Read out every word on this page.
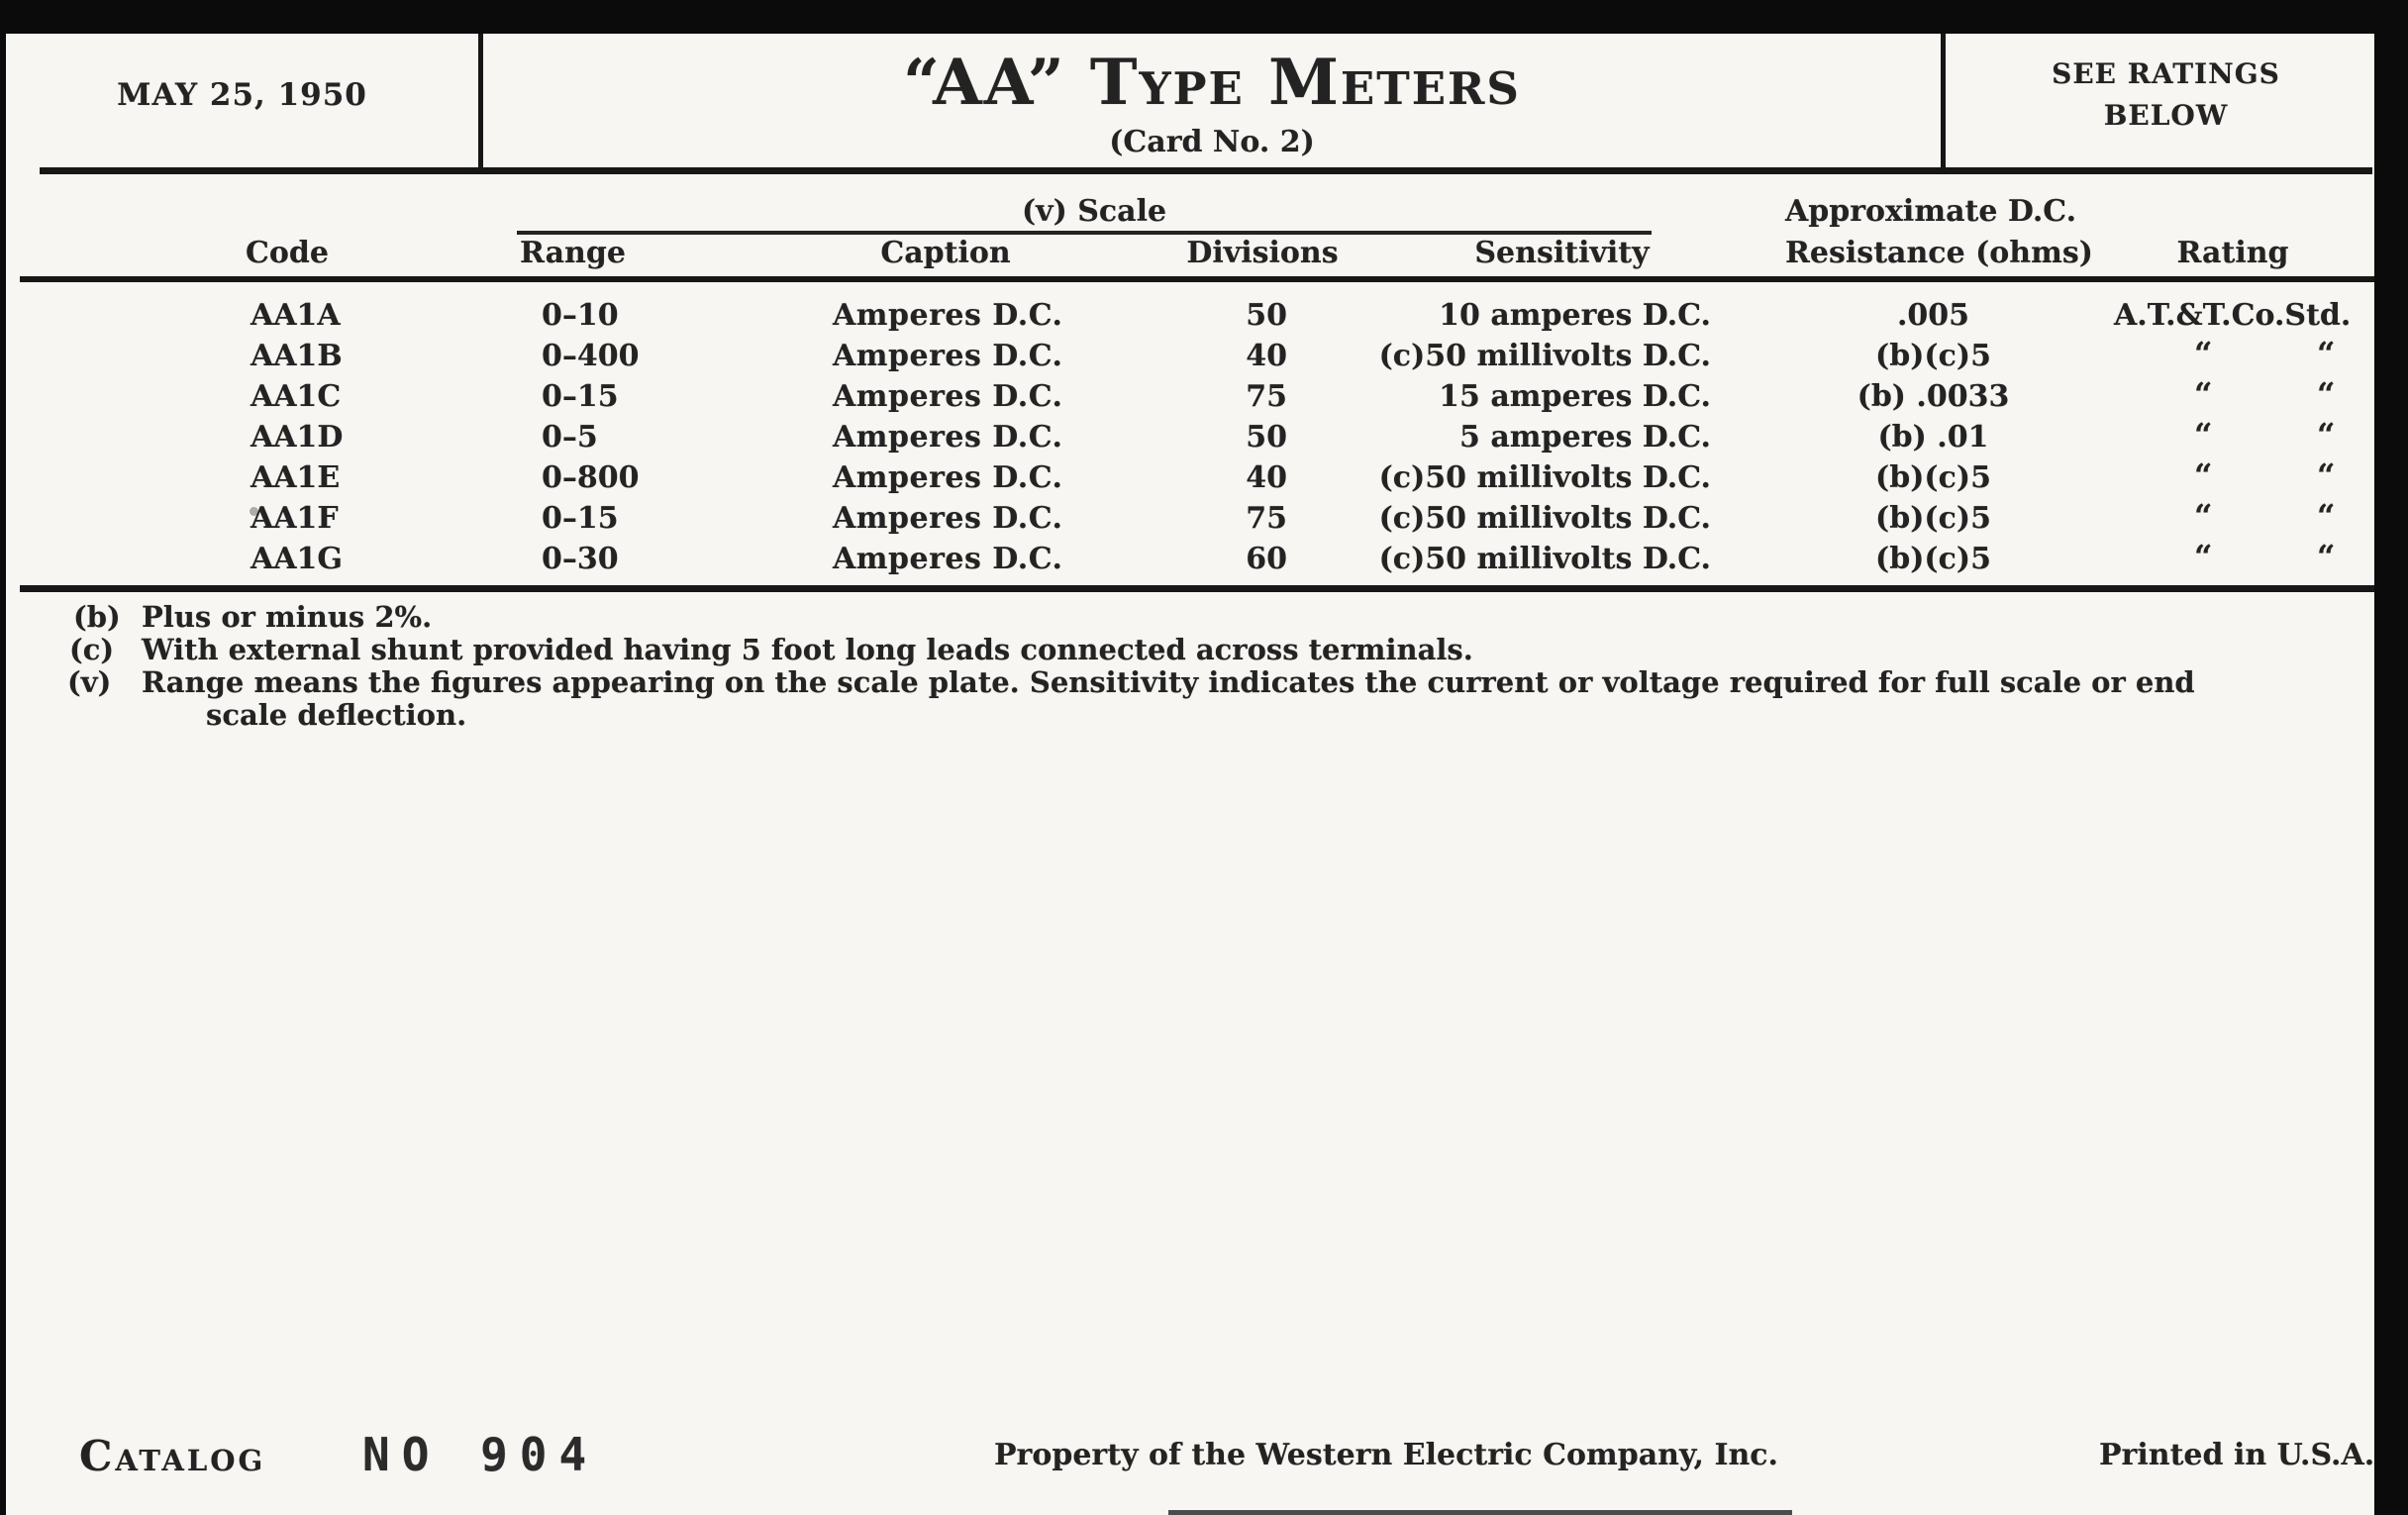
MAY 25, 1950	“AA” Type Meters
(Card No. 2)
SEE RATINGS
BELOW
(v) Scale
Code	Range	Caption	Divisions	Sensitivity
Approximate D.C.
Resistance (ohms)	Rating
AA1A	0–10	Amperes D.C.	50	10 amperes D.C.	.005	A.T.&T.Co.Std.
AA1B	0–400	Amperes D.C.	40	(c)50 millivolts D.C.	(b)(c)5	“	“
AA1C	0–15	Amperes D.C.	75	15 amperes D.C.	(b) .0033	“	“
AA1D	0–5	Amperes D.C.	50	5 amperes D.C.	(b) .01	“	“
AA1E	0–800	Amperes D.C.	40	(c)50 millivolts D.C.	(b)(c)5	“	“
AA1F	0–15	Amperes D.C.	75	(c)50 millivolts D.C.	(b)(c)5	“	“
AA1G	0–30	Amperes D.C.	60	(c)50 millivolts D.C.	(b)(c)5	“	“
(b) Plus or minus 2%.
(c) With external shunt provided having 5 foot long leads connected across terminals.
(v) Range means the figures appearing on the scale plate. Sensitivity indicates the current or voltage required for full scale or end
scale deflection.
Catalog NO 904	Property of the Western Electric Company, Inc.	Printed in U.S.A.
